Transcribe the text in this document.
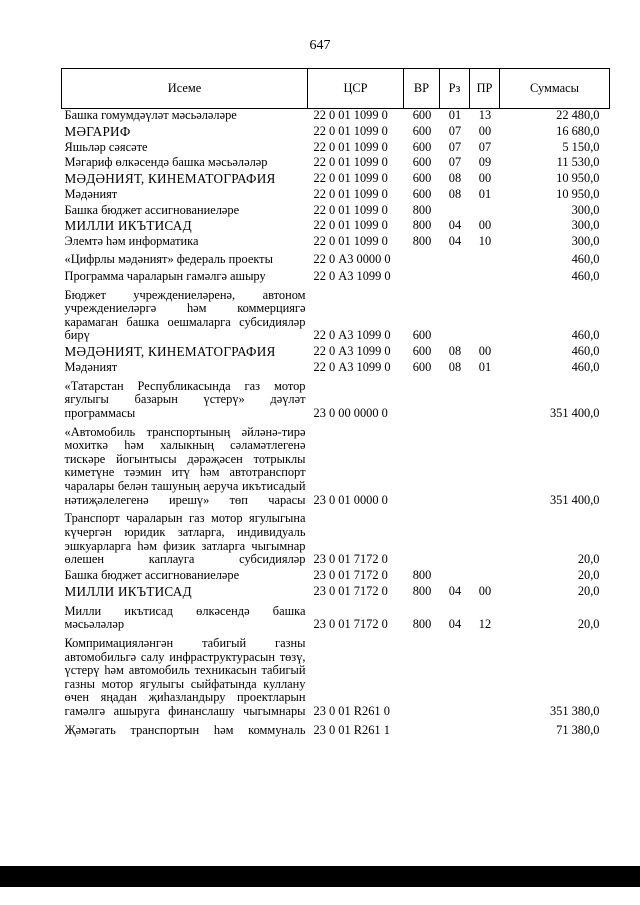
647
Исеме	ЦСР	ВР	Рз	ПР	Суммасы
Башка гомумдәүләт мәсьәләләре	22 0 01 1099 0	600	01	13	22 480,0
МӘГАРИФ	22 0 01 1099 0	600	07	00	16 680,0
Яшьләр сәясәте	22 0 01 1099 0	600	07	07	5 150,0
Мәгариф өлкәсендә башка мәсьәләләр	22 0 01 1099 0	600	07	09	11 530,0
МӘДӘНИЯТ, КИНЕМАТОГРАФИЯ	22 0 01 1099 0	600	08	00	10 950,0
Мәдәният	22 0 01 1099 0	600	08	01	10 950,0
Башка бюджет ассигнованиеләре	22 0 01 1099 0	800			300,0
МИЛЛИ ИКЪТИСАД	22 0 01 1099 0	800	04	00	300,0
Элемтә һәм информатика	22 0 01 1099 0	800	04	10	300,0
«Цифрлы мәдәният» федераль проекты	22 0 А3 0000 0				460,0
Программа чараларын гамәлгә ашыру	22 0 А3 1099 0				460,0
Бюджет учреждениеләренә, автоном учреждениеләргә һәм коммерциягә карамаган башка оешмаларга субсидияләр бирү	22 0 А3 1099 0	600			460,0
МӘДӘНИЯТ, КИНЕМАТОГРАФИЯ	22 0 А3 1099 0	600	08	00	460,0
Мәдәният	22 0 А3 1099 0	600	08	01	460,0
«Татарстан Республикасында газ мотор ягулыгы базарын үстерү» дәүләт программасы	23 0 00 0000 0				351 400,0
«Автомобиль транспортының әйләнә-тирә мохиткә һәм халыкның сәламәтлегенә тискәре йогынтысы дәрәҗәсен тотрыклы киметүне тәэмин итү һәм автотранспорт чаралары белән ташуның аеруча икътисадый нәтиҗәлелегенә ирешү» төп чарасы	23 0 01 0000 0				351 400,0
Транспорт чараларын газ мотор ягулыгына күчергән юридик затларга, индивидуаль эшкуарларга һәм физик затларга чыгымнар өлешен каплауга субсидияләр	23 0 01 7172 0				20,0
Башка бюджет ассигнованиеләре	23 0 01 7172 0	800			20,0
МИЛЛИ ИКЪТИСАД	23 0 01 7172 0	800	04	00	20,0
Милли икътисад өлкәсендә башка мәсьәләләр	23 0 01 7172 0	800	04	12	20,0
Компримацияләнгән табигый газны автомобильгә салу инфраструктурасын төзү, үстерү һәм автомобиль техникасын табигый газны мотор ягулыгы сыйфатында куллану өчен яңадан җиһазландыру проектларын гамәлгә ашыруга финанслашу чыгымнары	23 0 01 R261 0				351 380,0
Җәмәгать транспортын һәм коммуналь	23 0 01 R261 1				71 380,0
